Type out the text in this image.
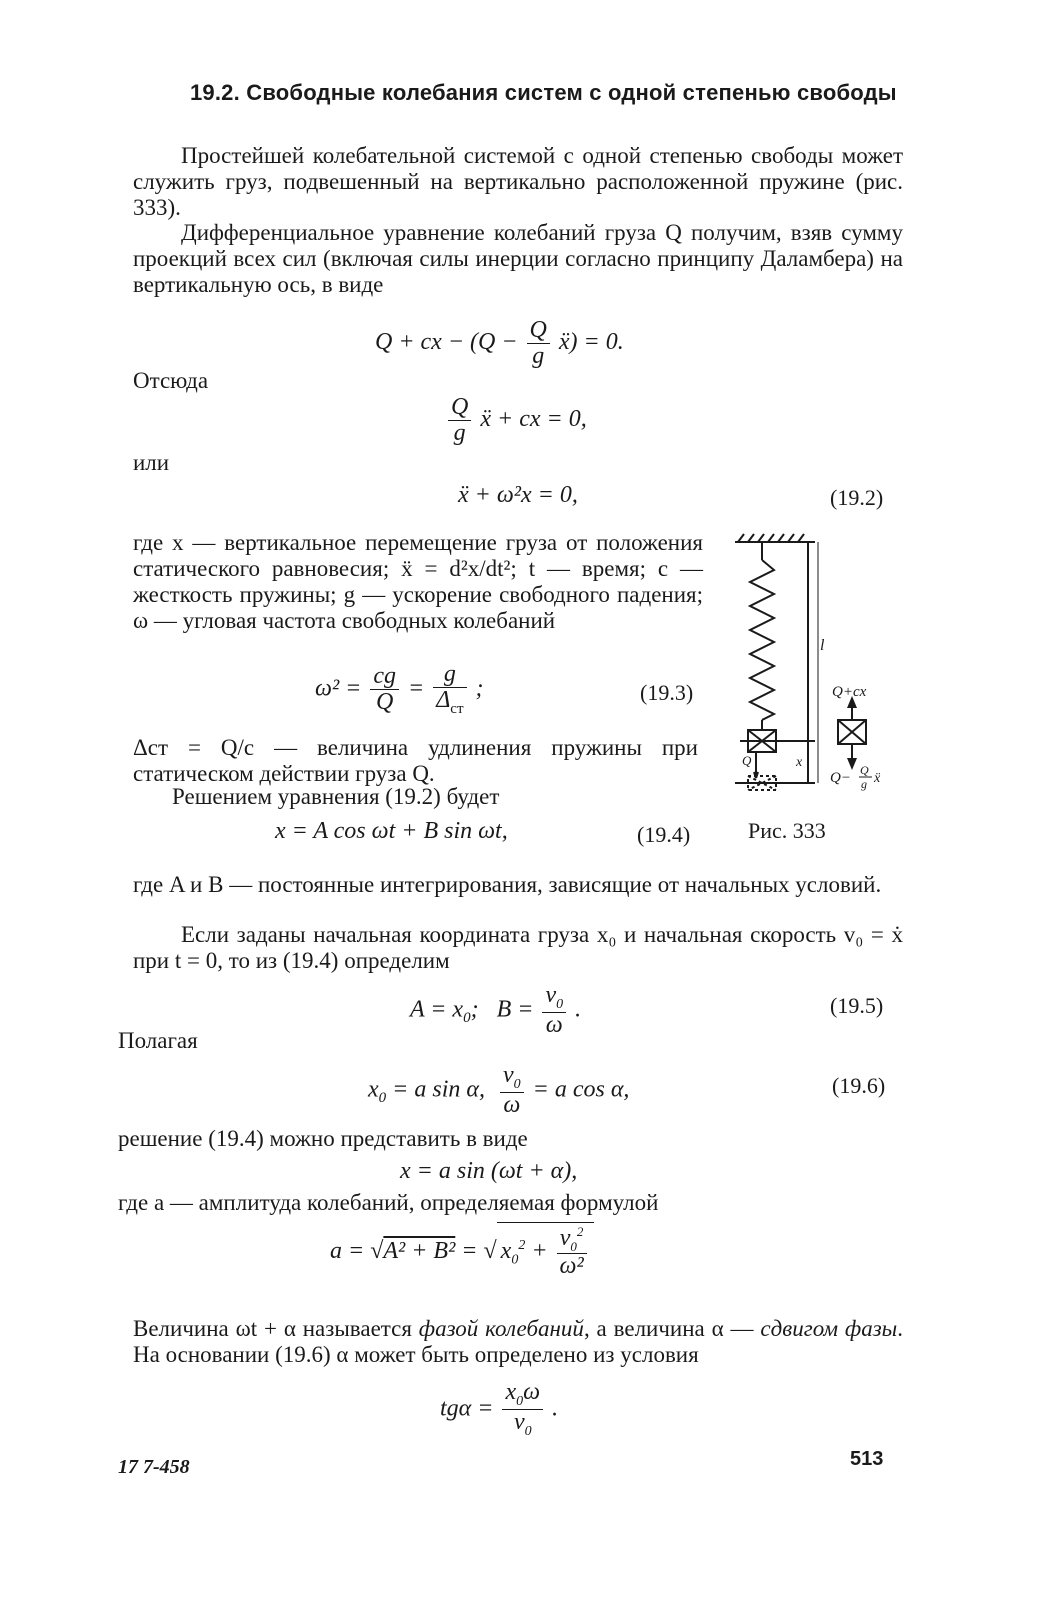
19.2. Свободные колебания систем с одной степенью свободы

Простейшей колебательной системой с одной степенью свободы может служить груз, подвешенный на вертикально расположенной пружине (рис. 333).

Дифференциальное уравнение колебаний груза Q получим, взяв сумму проекций всех сил (включая силы инерции согласно принципу Даламбера) на вертикальную ось, в виде

Q + cx − ($Q - \frac{Q}{g}$ ẍ) = 0.
Отсюда
$\frac{Q}{g}$ ẍ + cx = 0,
или
ẍ + ω²x = 0,	(19.2)

где x — вертикальное перемещение груза от положения статического равновесия; ẍ = d²x/dt²; t — время; c — жесткость пружины; g — ускорение свободного падения; ω — угловая частота свободных колебаний

$\omega^2 = \frac{cg}{Q} = \frac{g}{\Delta_{ст}}$ ;	(19.3)

Δст = Q/c — величина удлинения пружины при статическом действии груза Q.

Решением уравнения (19.2) будет
x = A cos ωt + B sin ωt,	(19.4)
l
x
Q
Q+cx
Q− Q
g ẍ
Рис. 333

где A и B — постоянные интегрирования, зависящие от начальных условий.

Если заданы начальная координата груза x₀ и начальная скорость v₀ = ẋ при t = 0, то из (19.4) определим

$A = x_0$;   $B = \frac{v_0}{\omega}$ .	(19.5)
Полагая
$x_0 = a$ sin α, $\frac{v_0}{\omega} = a$ cos α,	(19.6)
решение (19.4) можно представить в виде
x = a sin (ωt + α),
где a — амплитуда колебаний, определяемая формулой
a = √A² + B² = √ $x_0^2 + \frac{v_0^2}{\text{ω²}}$

Величина ωt + α называется фазой колебаний, а величина α — сдвигом фазы. На основании (19.6) α может быть определено из условия

$tg\alpha = \frac{x_0\omega}{v_0}$ .
17 7-458	513
